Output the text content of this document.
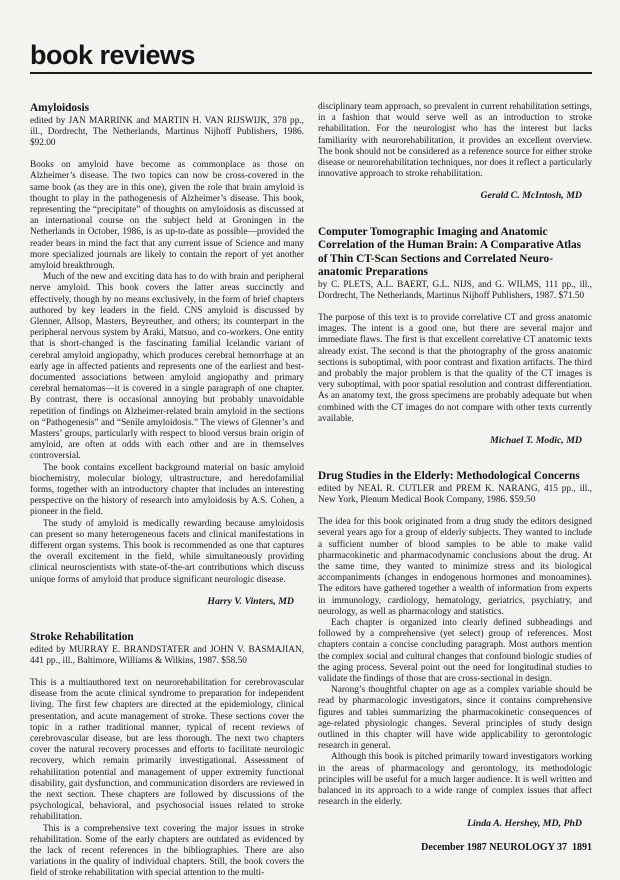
book reviews
Amyloidosis

edited by JAN MARRINK and MARTIN H. VAN RIJSWIJK, 378 pp., ill., Dordrecht, The Netherlands, Martinus Nijhoff Publishers, 1986. $92.00

Books on amyloid have become as commonplace as those on Alzheimer’s disease. The two topics can now be cross-covered in the same book (as they are in this one), given the role that brain amyloid is thought to play in the pathogenesis of Alzheimer’s disease. This book, representing the “precipitate” of thoughts on amyloidosis as discussed at an international course on the subject held at Groningen in the Netherlands in October, 1986, is as up-to-date as possible—provided the reader bears in mind the fact that any current issue of Science and many more specialized journals are likely to contain the report of yet another amyloid breakthrough.

Much of the new and exciting data has to do with brain and peripheral nerve amyloid. This book covers the latter areas succinctly and effectively, though by no means exclusively, in the form of brief chapters authored by key leaders in the field. CNS amyloid is discussed by Glenner, Allsop, Masters, Beyreuther, and others; its counterpart in the peripheral nervous system by Araki, Matsuo, and co-workers. One entity that is short-changed is the fascinating familial Icelandic variant of cerebral amyloid angiopathy, which produces cerebral hemorrhage at an early age in affected patients and represents one of the earliest and best-documented associations between amyloid angiopathy and primary cerebral hematomas—it is covered in a single paragraph of one chapter. By contrast, there is occasional annoying but probably unavoidable repetition of findings on Alzheimer-related brain amyloid in the sections on “Pathogenesis” and “Senile amyloidosis.” The views of Glenner’s and Masters’ groups, particularly with respect to blood versus brain origin of amyloid, are often at odds with each other and are in themselves controversial.

The book contains excellent background material on basic amyloid biochemistry, molecular biology, ultrastructure, and heredofamilial forms, together with an introductory chapter that includes an interesting perspective on the history of research into amyloidosis by A.S. Cohen, a pioneer in the field.

The study of amyloid is medically rewarding because amyloidosis can present so many heterogeneous facets and clinical manifestations in different organ systems. This book is recommended as one that captures the overall excitement in the field, while simultaneously providing clinical neuroscientists with state-of-the-art contributions which discuss unique forms of amyloid that produce significant neurologic disease.

Harry V. Vinters, MD

Stroke Rehabilitation

edited by MURRAY E. BRANDSTATER and JOHN V. BASMAJIAN, 441 pp., ill., Baltimore, Williams & Wilkins, 1987. $58.50

This is a multiauthored text on neurorehabilitation for cerebrovascular disease from the acute clinical syndrome to preparation for independent living. The first few chapters are directed at the epidemiology, clinical presentation, and acute management of stroke. These sections cover the topic in a rather traditional manner, typical of recent reviews of cerebrovascular disease, but are less thorough. The next two chapters cover the natural recovery processes and efforts to facilitate neurologic recovery, which remain primarily investigational. Assessment of rehabilitation potential and management of upper extremity functional disability, gait dysfunction, and communication disorders are reviewed in the next section. These chapters are followed by discussions of the psychological, behavioral, and psychosocial issues related to stroke rehabilitation.

This is a comprehensive text covering the major issues in stroke rehabilitation. Some of the early chapters are outdated as evidenced by the lack of recent references in the bibliographies. There are also variations in the quality of individual chapters. Still, the book covers the field of stroke rehabilitation with special attention to the multi-

disciplinary team approach, so prevalent in current rehabilitation settings, in a fashion that would serve well as an introduction to stroke rehabilitation. For the neurologist who has the interest but lacks familiarity with neurorehabilitation, it provides an excellent overview. The book should not be considered as a reference source for either stroke disease or neurorehabilitation techniques, nor does it reflect a particularly innovative approach to stroke rehabilitation.

Gerald C. McIntosh, MD

Computer Tomographic Imaging and Anatomic Correlation of the Human Brain: A Comparative Atlas of Thin CT-Scan Sections and Correlated Neuro-anatomic Preparations

by C. PLETS, A.L. BAERT, G.L. NIJS, and G. WILMS, 111 pp., ill., Dordrecht, The Netherlands, Martinus Nijhoff Publishers, 1987. $71.50

The purpose of this text is to provide correlative CT and gross anatomic images. The intent is a good one, but there are several major and immediate flaws. The first is that excellent correlative CT anatomic texts already exist. The second is that the photography of the gross anatomic sections is suboptimal, with poor contrast and fixation artifacts. The third and probably the major problem is that the quality of the CT images is very suboptimal, with poor spatial resolution and contrast differentiation. As an anatomy text, the gross specimens are probably adequate but when combined with the CT images do not compare with other texts currently available.

Michael T. Modic, MD

Drug Studies in the Elderly: Methodological Concerns

edited by NEAL R. CUTLER and PREM K. NARANG, 415 pp., ill., New York, Plenum Medical Book Company, 1986. $59.50

The idea for this book originated from a drug study the editors designed several years ago for a group of elderly subjects. They wanted to include a sufficient number of blood samples to be able to make valid pharmacokinetic and pharmacodynamic conclusions about the drug. At the same time, they wanted to minimize stress and its biological accompaniments (changes in endogenous hormones and monoamines). The editors have gathered together a wealth of information from experts in immunology, cardiology, hematology, geriatrics, psychiatry, and neurology, as well as pharmacology and statistics.

Each chapter is organized into clearly defined subheadings and followed by a comprehensive (yet select) group of references. Most chapters contain a concise concluding paragraph. Most authors mention the complex social and cultural changes that confound biologic studies of the aging process. Several point out the need for longitudinal studies to validate the findings of those that are cross-sectional in design.

Narong’s thoughtful chapter on age as a complex variable should be read by pharmacologic investigators, since it contains comprehensive figures and tables summarizing the pharmacokinetic consequences of age-related physiologic changes. Several principles of study design outlined in this chapter will have wide applicability to gerontologic research in general.

Although this book is pitched primarily toward investigators working in the areas of pharmacology and gerontology, its methodologic principles will be useful for a much larger audience. It is well written and balanced in its approach to a wide range of complex issues that affect research in the elderly.

Linda A. Hershey, MD, PhD

December 1987 NEUROLOGY 37  1891
